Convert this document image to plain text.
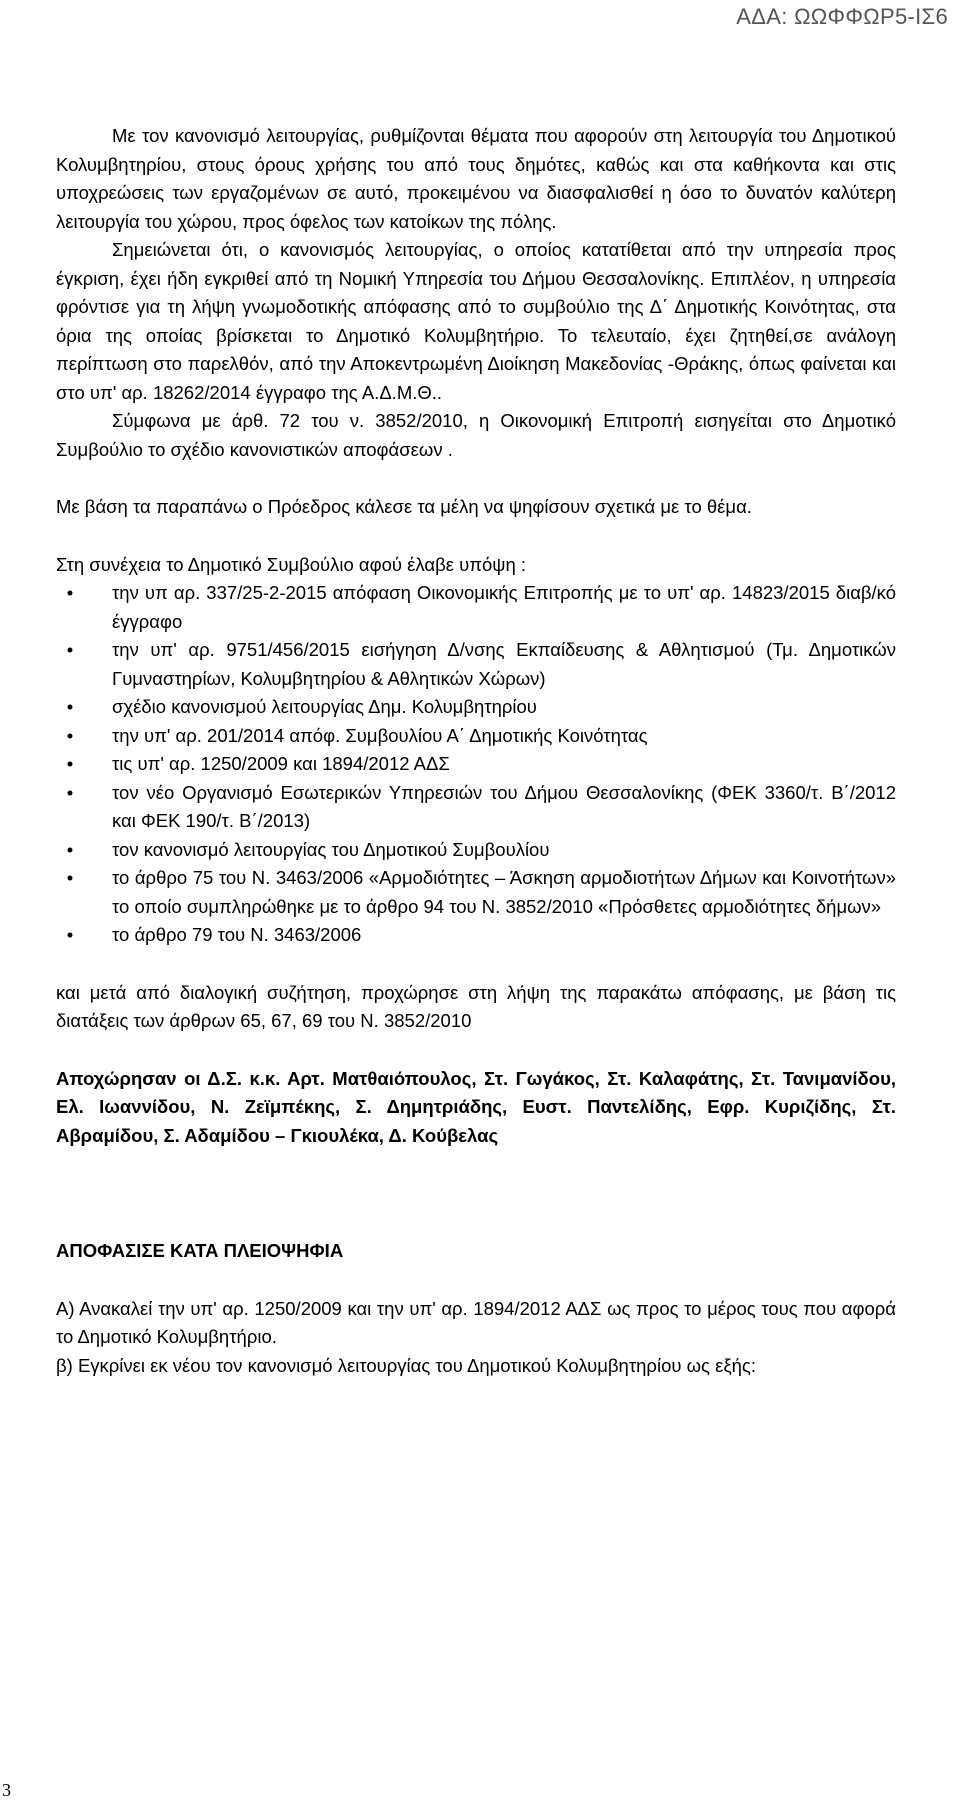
ΑΔΑ: ΩΩΦΦΩΡ5-ΙΣ6

Με τον κανονισμό λειτουργίας, ρυθμίζονται θέματα που αφορούν στη λειτουργία του Δημοτικού Κολυμβητηρίου, στους όρους χρήσης του από τους δημότες, καθώς και στα καθήκοντα και στις υποχρεώσεις των εργαζομένων σε αυτό, προκειμένου να διασφαλισθεί η όσο το δυνατόν καλύτερη λειτουργία του χώρου, προς όφελος των κατοίκων της πόλης.

Σημειώνεται ότι, ο κανονισμός λειτουργίας, ο οποίος κατατίθεται από την υπηρεσία προς έγκριση, έχει ήδη εγκριθεί από τη Νομική Υπηρεσία του Δήμου Θεσσαλονίκης. Επιπλέον, η υπηρεσία φρόντισε για τη λήψη γνωμοδοτικής απόφασης από το συμβούλιο της Δ΄ Δημοτικής Κοινότητας, στα όρια της οποίας βρίσκεται το Δημοτικό Κολυμβητήριο. Το τελευταίο, έχει ζητηθεί,σε ανάλογη περίπτωση στο παρελθόν, από την Αποκεντρωμένη Διοίκηση Μακεδονίας -Θράκης, όπως φαίνεται και στο υπ' αρ. 18262/2014 έγγραφο της Α.Δ.Μ.Θ..

Σύμφωνα με άρθ. 72 του ν. 3852/2010, η Οικονομική Επιτροπή εισηγείται στο Δημοτικό Συμβούλιο το σχέδιο κανονιστικών αποφάσεων .

Με βάση τα παραπάνω ο Πρόεδρος κάλεσε τα μέλη να ψηφίσουν σχετικά με το θέμα.

Στη συνέχεια το Δημοτικό Συμβούλιο αφού έλαβε υπόψη :

•	την υπ αρ. 337/25-2-2015 απόφαση Οικονομικής Επιτροπής με το υπ' αρ. 14823/2015 διαβ/κό έγγραφο
•	την υπ' αρ. 9751/456/2015 εισήγηση Δ/νσης Εκπαίδευσης & Αθλητισμού (Τμ. Δημοτικών Γυμναστηρίων, Κολυμβητηρίου & Αθλητικών Χώρων)
•	σχέδιο κανονισμού λειτουργίας Δημ. Κολυμβητηρίου
•	την υπ' αρ. 201/2014 απόφ. Συμβουλίου Α΄ Δημοτικής Κοινότητας
•	τις υπ' αρ. 1250/2009 και 1894/2012 ΑΔΣ
•	τον νέο Οργανισμό Εσωτερικών Υπηρεσιών του Δήμου Θεσσαλονίκης (ΦΕΚ 3360/τ. Β΄/2012 και ΦΕΚ 190/τ. Β΄/2013)
•	τον κανονισμό λειτουργίας του Δημοτικού Συμβουλίου
•	το άρθρο 75 του Ν. 3463/2006 «Αρμοδιότητες – Άσκηση αρμοδιοτήτων Δήμων και Κοινοτήτων» το οποίο συμπληρώθηκε με το άρθρο 94 του Ν. 3852/2010 «Πρόσθετες αρμοδιότητες δήμων»
•	το άρθρο 79 του Ν. 3463/2006

και μετά από διαλογική συζήτηση, προχώρησε στη λήψη της παρακάτω απόφασης, με βάση τις διατάξεις των άρθρων 65, 67, 69 του Ν. 3852/2010

Αποχώρησαν οι Δ.Σ. κ.κ. Αρτ. Ματθαιόπουλος, Στ. Γωγάκος, Στ. Καλαφάτης, Στ. Τανιμανίδου, Ελ. Ιωαννίδου, Ν. Ζεϊμπέκης, Σ. Δημητριάδης, Ευστ. Παντελίδης, Εφρ. Κυριζίδης, Στ. Αβραμίδου, Σ. Αδαμίδου – Γκιουλέκα, Δ. Κούβελας

ΑΠΟΦΑΣΙΣΕ ΚΑΤΑ ΠΛΕΙΟΨΗΦΙΑ

Α) Ανακαλεί την υπ' αρ. 1250/2009 και την υπ' αρ. 1894/2012 ΑΔΣ ως προς το μέρος τους που αφορά το Δημοτικό Κολυμβητήριο.

β) Εγκρίνει εκ νέου τον κανονισμό λειτουργίας του Δημοτικού Κολυμβητηρίου ως εξής:

3
